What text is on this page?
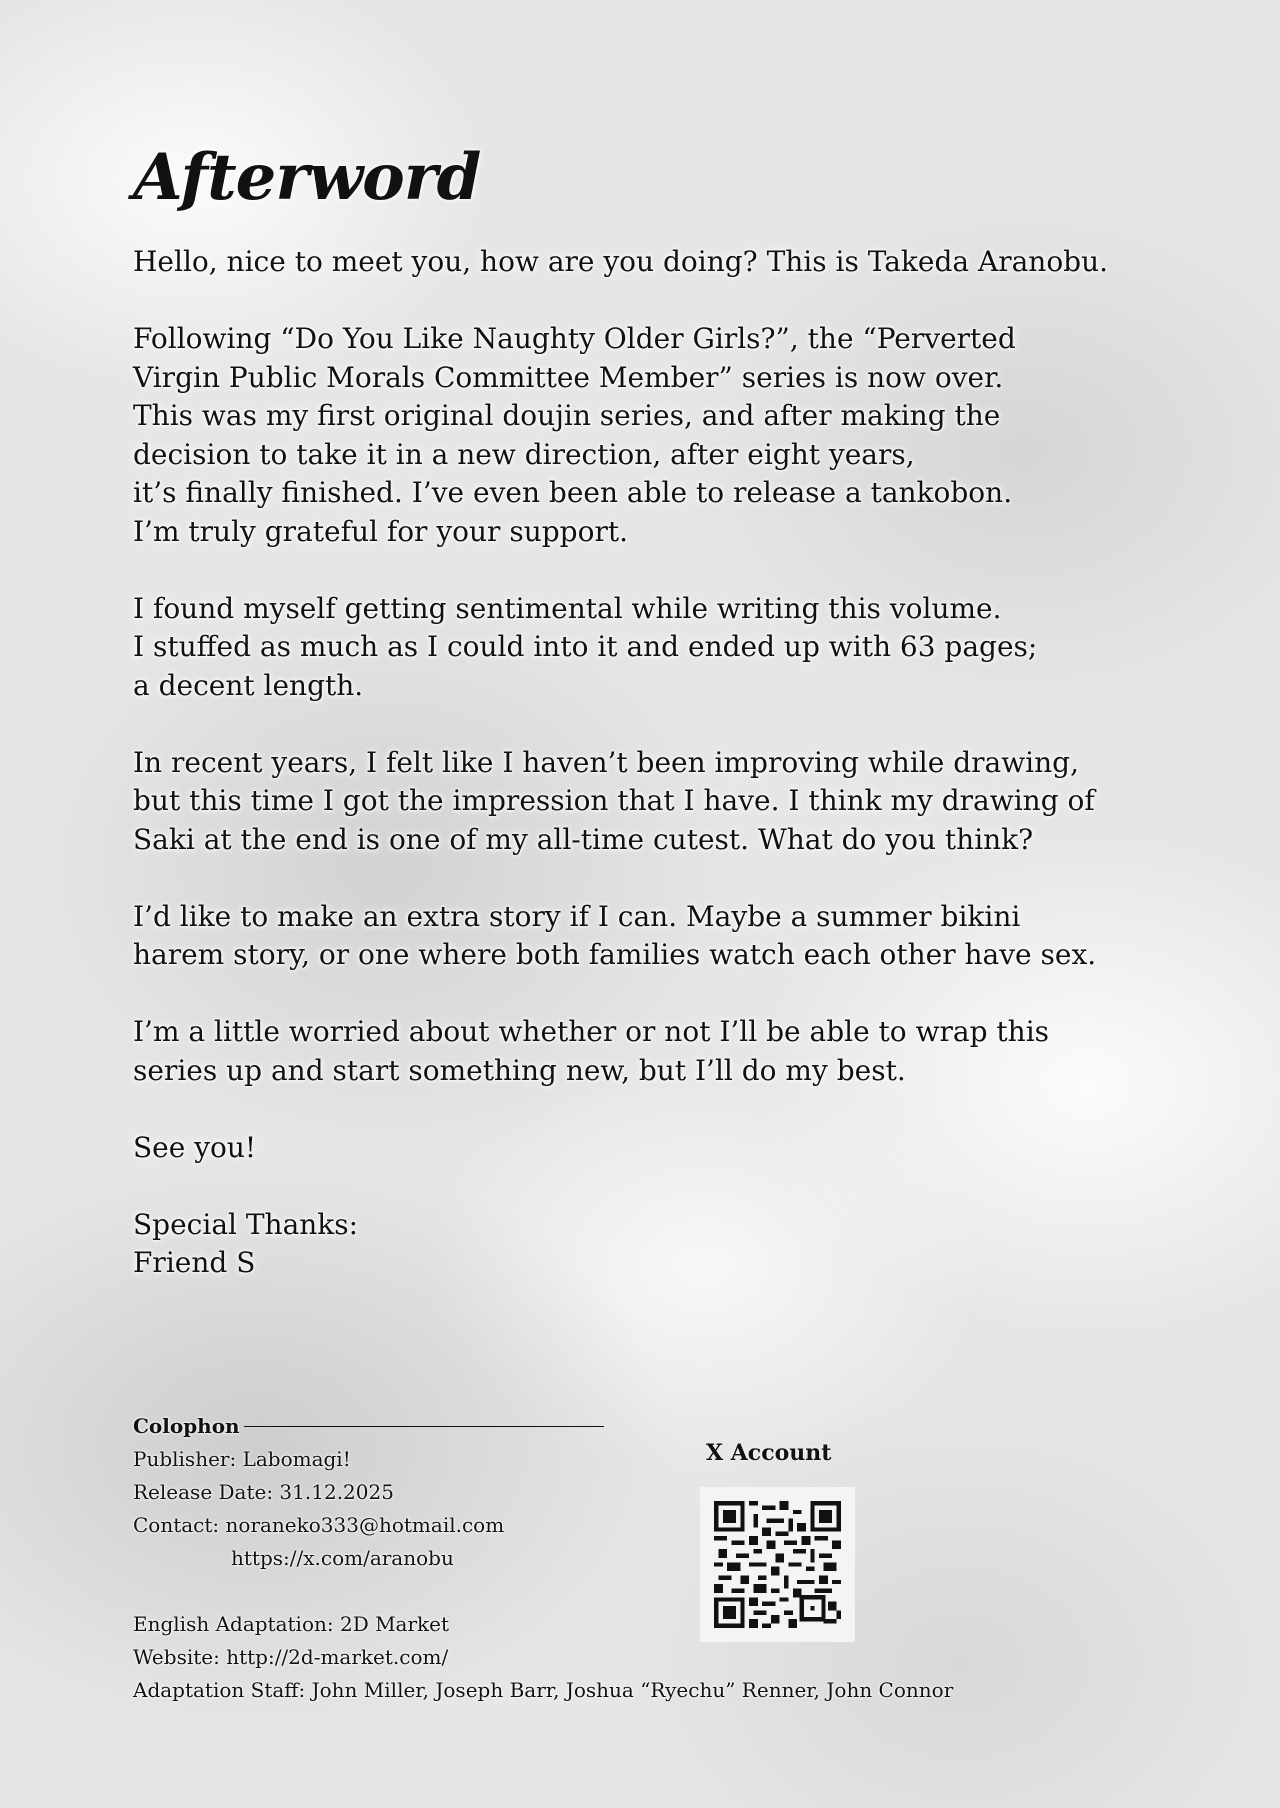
Afterword

Hello, nice to meet you, how are you doing? This is Takeda Aranobu.

Following “Do You Like Naughty Older Girls?”, the “Perverted
Virgin Public Morals Committee Member” series is now over.
This was my first original doujin series, and after making the
decision to take it in a new direction, after eight years,
it’s finally finished. I’ve even been able to release a tankobon.
I’m truly grateful for your support.

I found myself getting sentimental while writing this volume.
I stuffed as much as I could into it and ended up with 63 pages;
a decent length.

In recent years, I felt like I haven’t been improving while drawing,
but this time I got the impression that I have. I think my drawing of
Saki at the end is one of my all-time cutest. What do you think?

I’d like to make an extra story if I can. Maybe a summer bikini
harem story, or one where both families watch each other have sex.

I’m a little worried about whether or not I’ll be able to wrap this
series up and start something new, but I’ll do my best.

See you!

Special Thanks:

Friend S

Colophon
Publisher: Labomagi!
Release Date: 31.12.2025
Contact: noraneko333@hotmail.com
https://x.com/aranobu
English Adaptation: 2D Market
Website: http://2d-market.com/
Adaptation Staff: John Miller, Joseph Barr, Joshua “Ryechu” Renner, John Connor
X Account
